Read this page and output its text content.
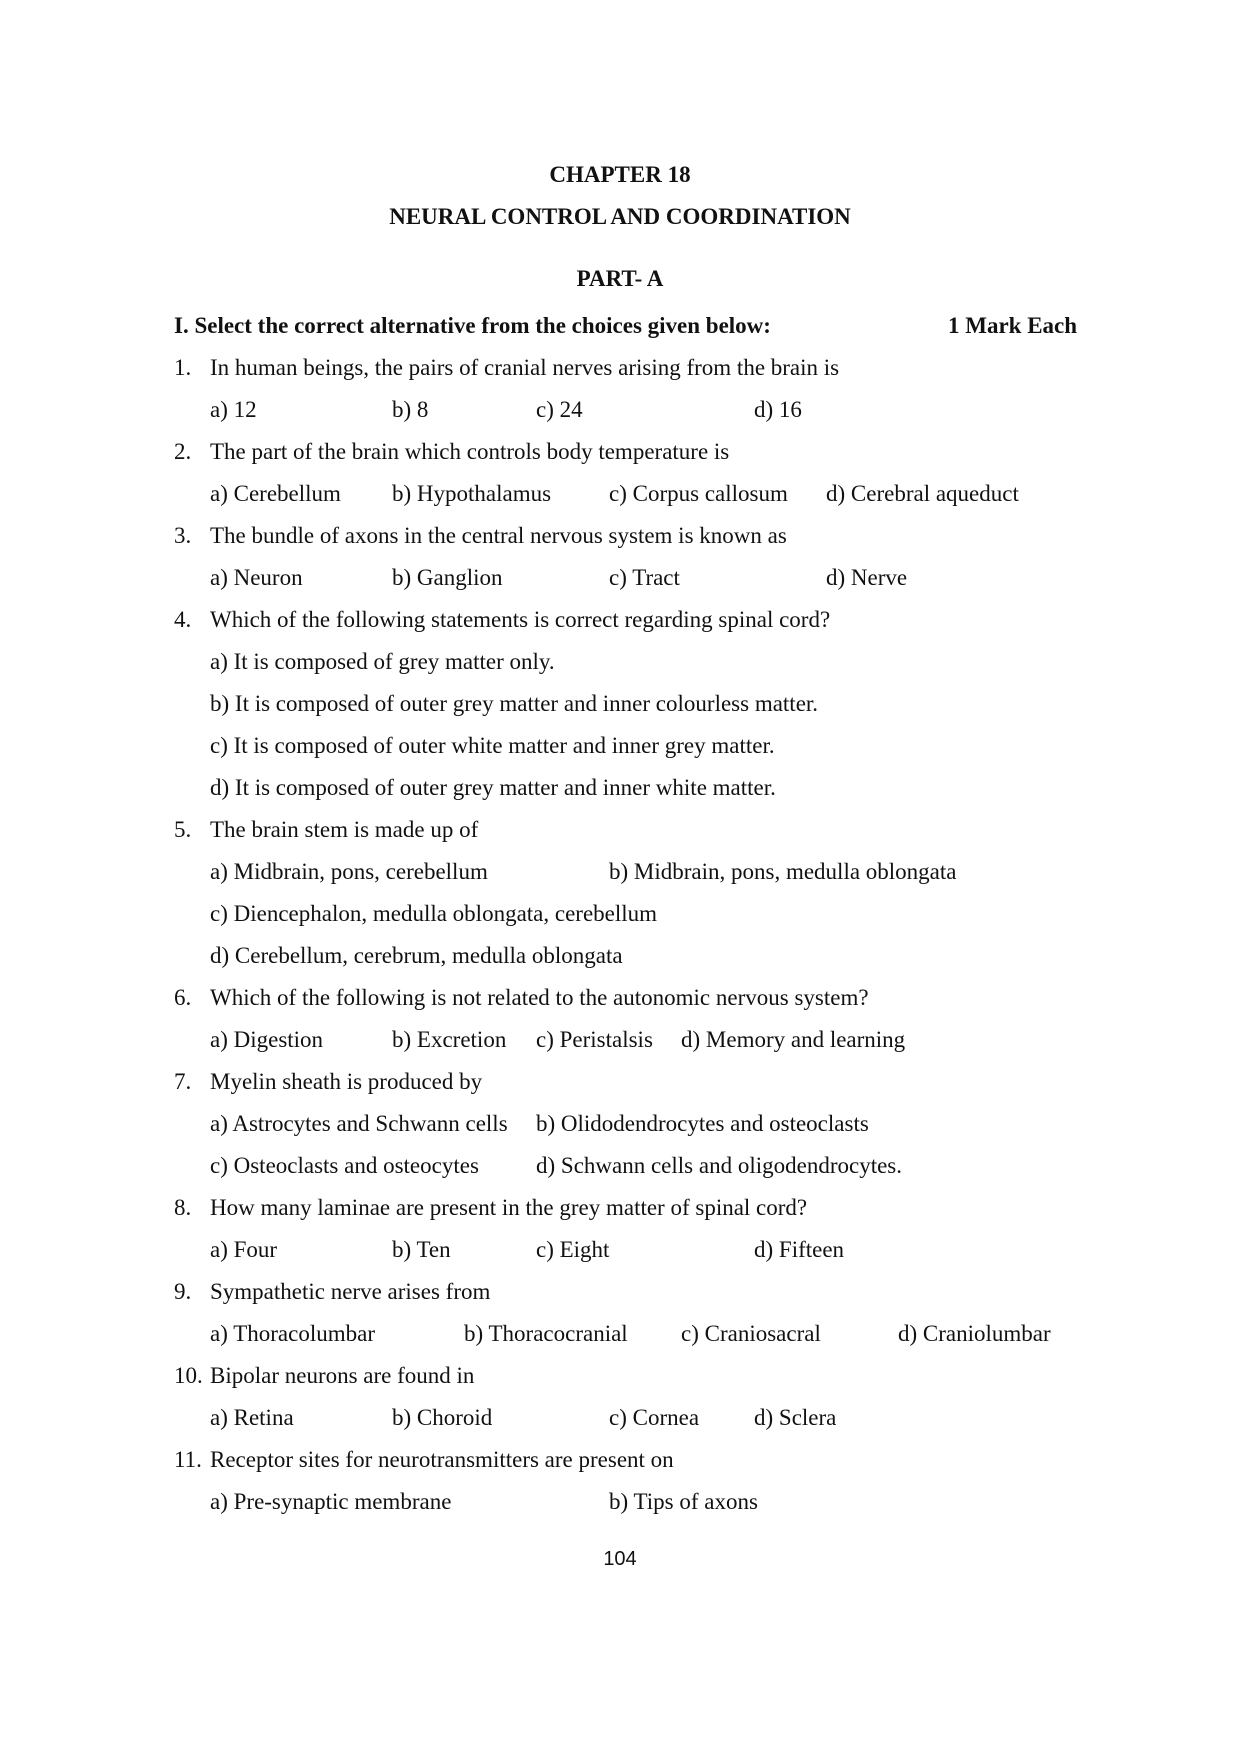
CHAPTER 18
NEURAL CONTROL AND COORDINATION
PART- A
I. Select the correct alternative from the choices given below:	1 Mark Each
1. In human beings, the pairs of cranial nerves arising from the brain is
a) 12	b) 8	c) 24	d) 16
2. The part of the brain which controls body temperature is
a) Cerebellum b) Hypothalamus	c) Corpus callosum d) Cerebral aqueduct
3. The bundle of axons in the central nervous system is known as
a) Neuron	b) Ganglion	c) Tract	d) Nerve
4. Which of the following statements is correct regarding spinal cord?
a) It is composed of grey matter only.
b) It is composed of outer grey matter and inner colourless matter.
c) It is composed of outer white matter and inner grey matter.
d) It is composed of outer grey matter and inner white matter.
5. The brain stem is made up of
a) Midbrain, pons, cerebellum	b) Midbrain, pons, medulla oblongata
c) Diencephalon, medulla oblongata, cerebellum
d) Cerebellum, cerebrum, medulla oblongata
6. Which of the following is not related to the autonomic nervous system?
a) Digestion	b) Excretion c) Peristalsis d) Memory and learning
7. Myelin sheath is produced by
a) Astrocytes and Schwann cells b) Olidodendrocytes and osteoclasts
c) Osteoclasts and osteocytes d) Schwann cells and oligodendrocytes.
8. How many laminae are present in the grey matter of spinal cord?
a) Four	b) Ten	c) Eight	d) Fifteen
9. Sympathetic nerve arises from
a) Thoracolumbar	b) Thoracocranial c) Craniosacral	d) Craniolumbar
10. Bipolar neurons are found in
a) Retina	b) Choroid	c) Cornea d) Sclera
11. Receptor sites for neurotransmitters are present on
a) Pre-synaptic membrane	b) Tips of axons
104
